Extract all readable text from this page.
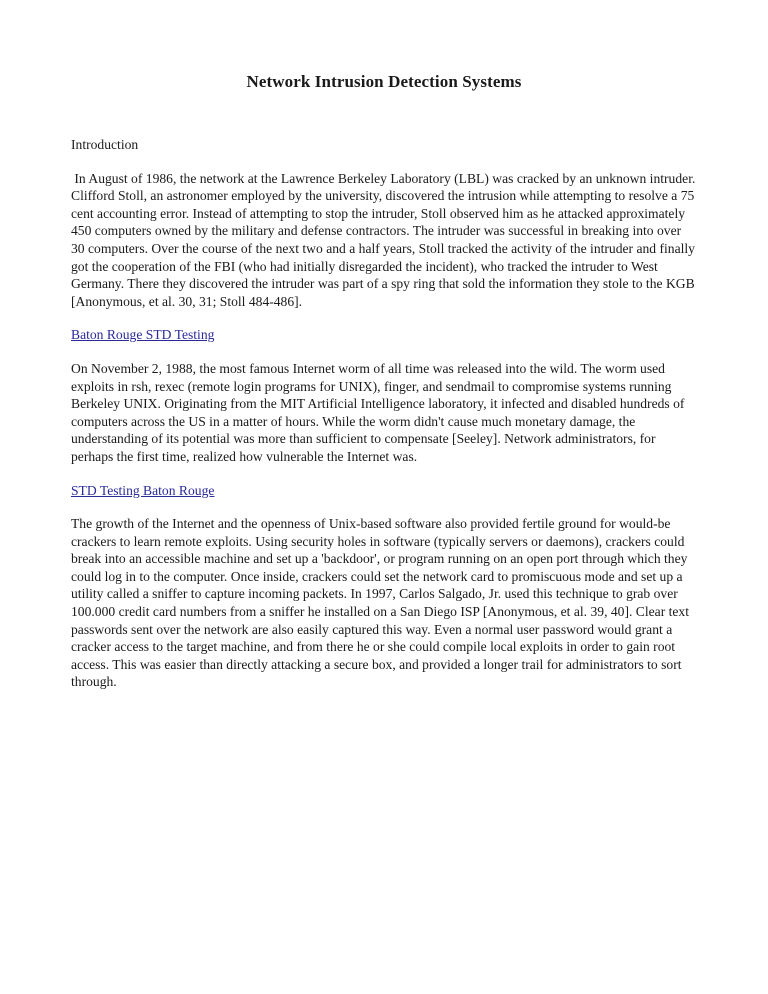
Network Intrusion Detection Systems
Introduction

In August of 1986, the network at the Lawrence Berkeley Laboratory (LBL) was cracked by an unknown intruder. Clifford Stoll, an astronomer employed by the university, discovered the intrusion while attempting to resolve a 75 cent accounting error. Instead of attempting to stop the intruder, Stoll observed him as he attacked approximately 450 computers owned by the military and defense contractors. The intruder was successful in breaking into over 30 computers. Over the course of the next two and a half years, Stoll tracked the activity of the intruder and finally got the cooperation of the FBI (who had initially disregarded the incident), who tracked the intruder to West Germany. There they discovered the intruder was part of a spy ring that sold the information they stole to the KGB [Anonymous, et al. 30, 31; Stoll 484-486].

Baton Rouge STD Testing

On November 2, 1988, the most famous Internet worm of all time was released into the wild. The worm used exploits in rsh, rexec (remote login programs for UNIX), finger, and sendmail to compromise systems running Berkeley UNIX. Originating from the MIT Artificial Intelligence laboratory, it infected and disabled hundreds of computers across the US in a matter of hours. While the worm didn't cause much monetary damage, the understanding of its potential was more than sufficient to compensate [Seeley]. Network administrators, for perhaps the first time, realized how vulnerable the Internet was.

STD Testing Baton Rouge

The growth of the Internet and the openness of Unix-based software also provided fertile ground for would-be crackers to learn remote exploits. Using security holes in software (typically servers or daemons), crackers could break into an accessible machine and set up a 'backdoor', or program running on an open port through which they could log in to the computer. Once inside, crackers could set the network card to promiscuous mode and set up a utility called a sniffer to capture incoming packets. In 1997, Carlos Salgado, Jr. used this technique to grab over 100.000 credit card numbers from a sniffer he installed on a San Diego ISP [Anonymous, et al. 39, 40]. Clear text passwords sent over the network are also easily captured this way. Even a normal user password would grant a cracker access to the target machine, and from there he or she could compile local exploits in order to gain root access. This was easier than directly attacking a secure box, and provided a longer trail for administrators to sort through.
